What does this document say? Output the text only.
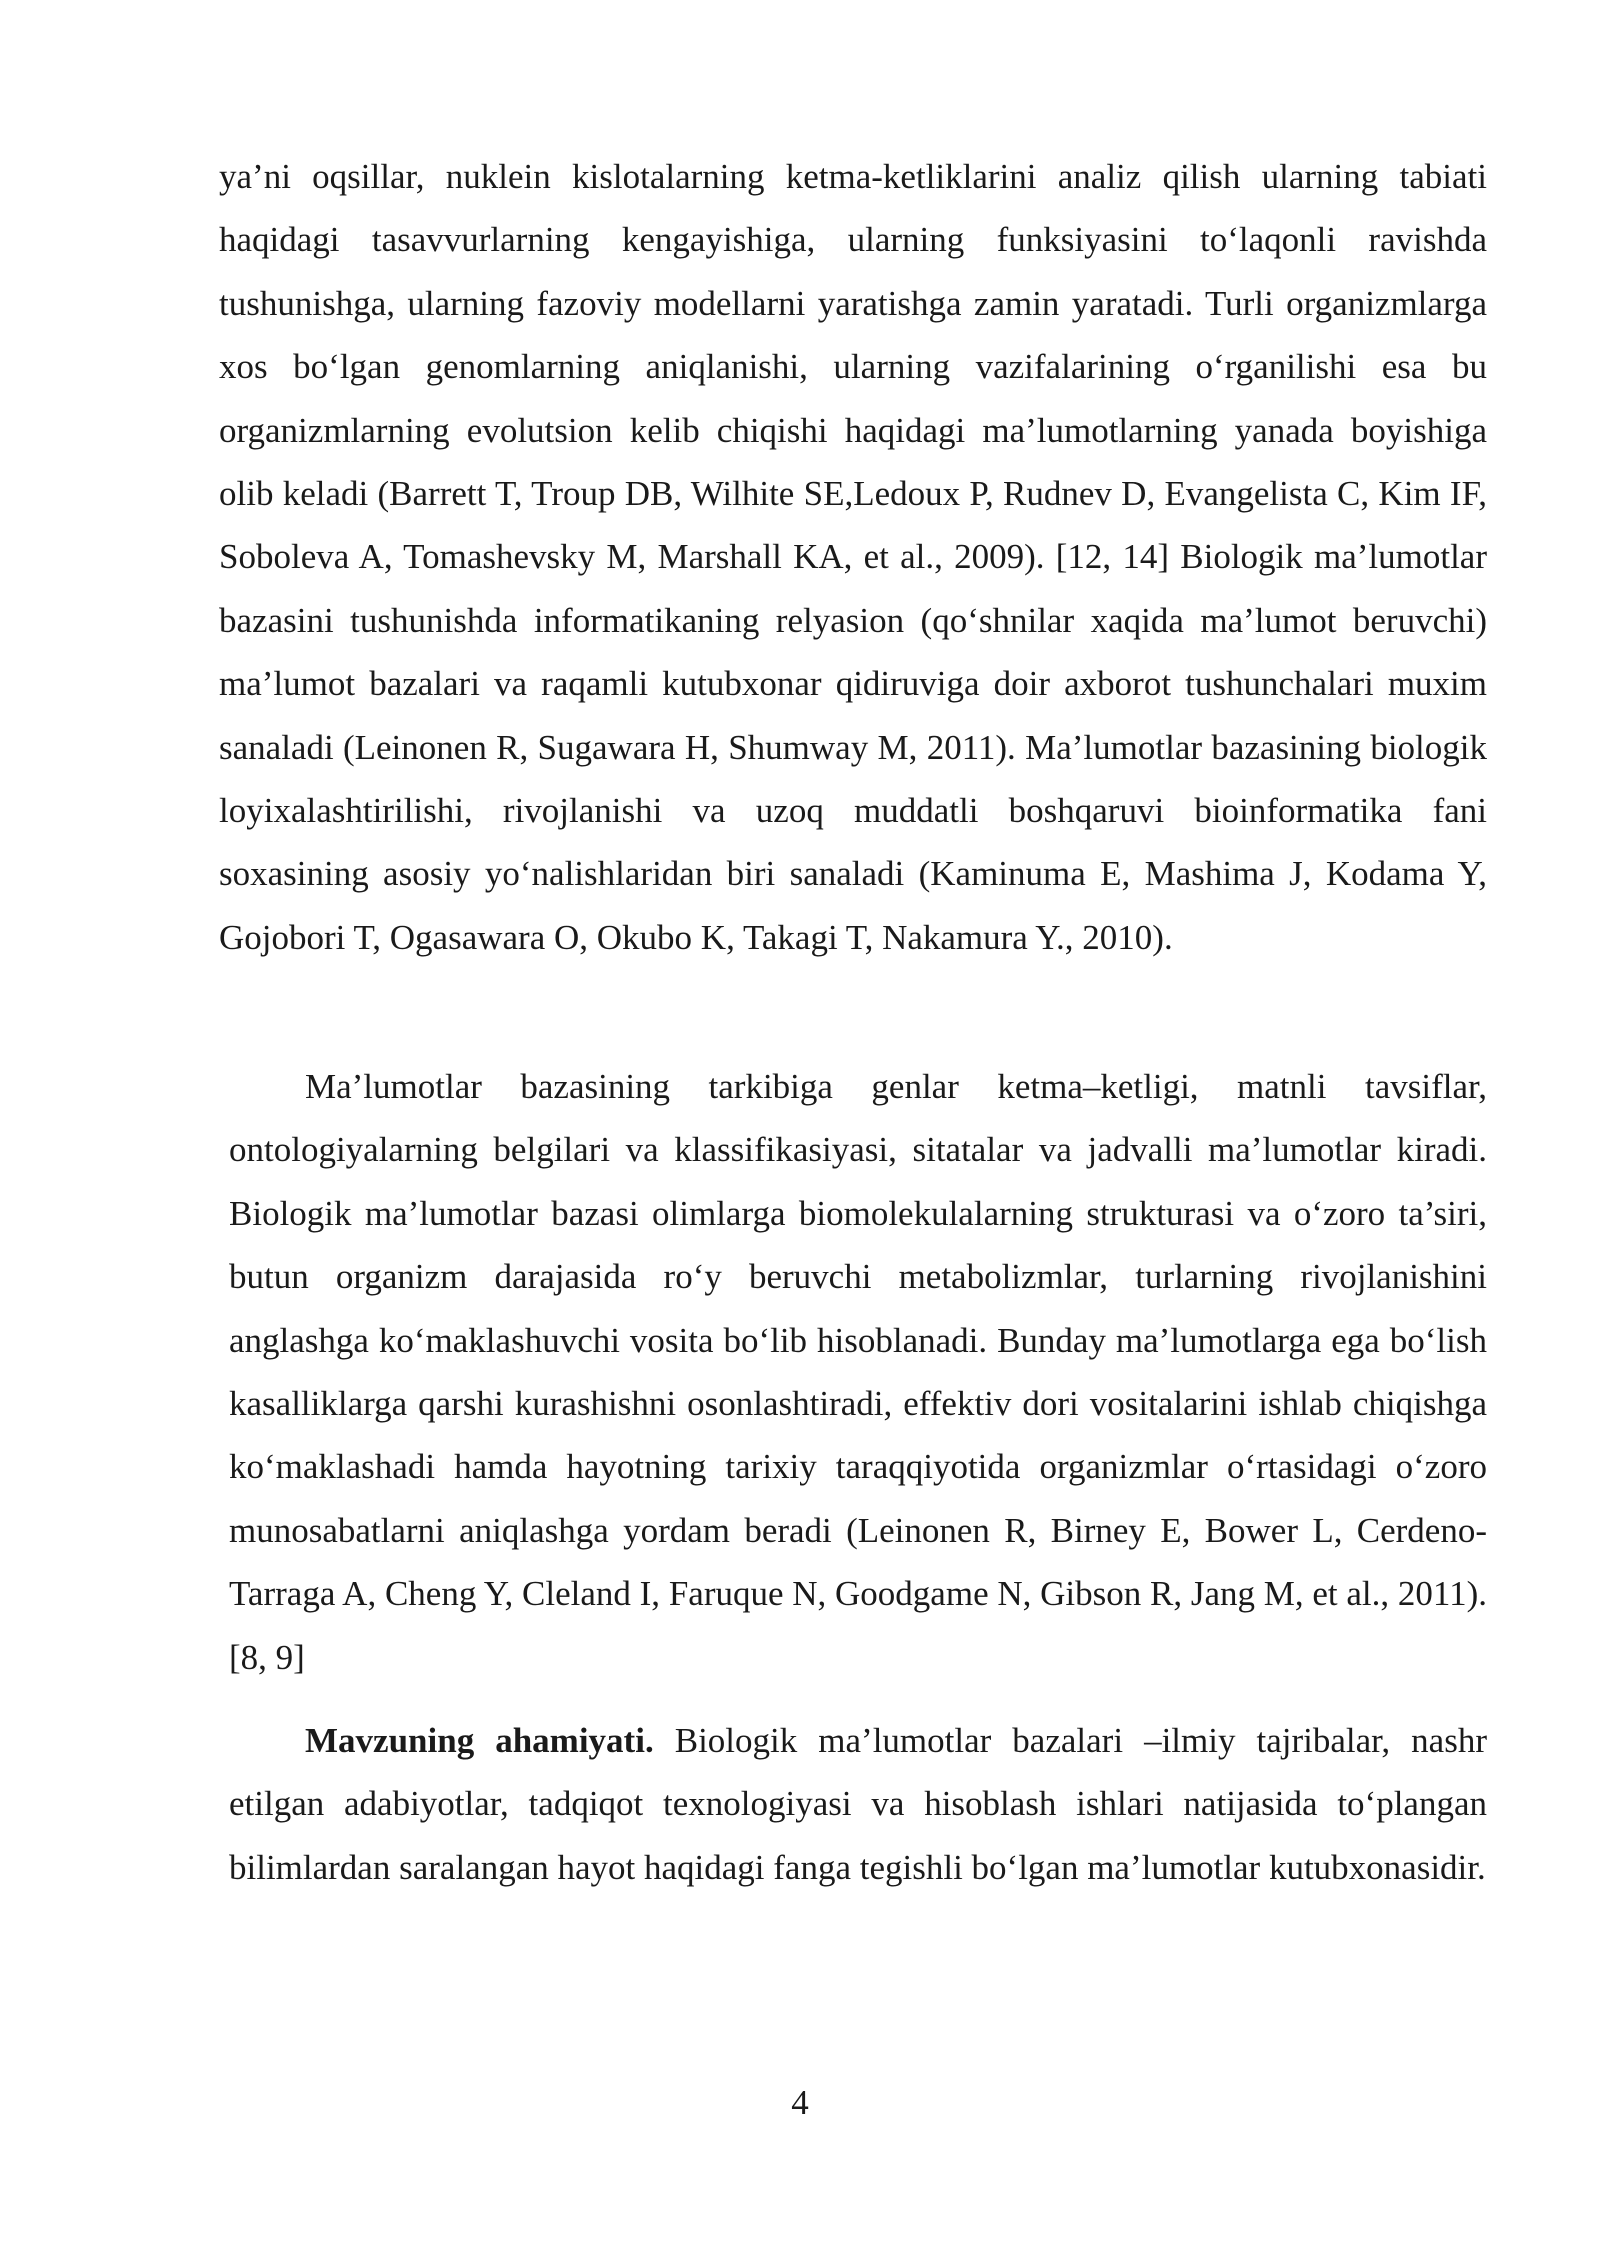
ya’ni oqsillar, nuklein kislotalarning ketma-ketliklarini analiz qilish ularning tabiati haqidagi tasavvurlarning kengayishiga, ularning funksiyasini to‘laqonli ravishda tushunishga, ularning fazoviy modellarni yaratishga zamin yaratadi. Turli organizmlarga xos bo‘lgan genomlarning aniqlanishi, ularning vazifalarining o‘rganilishi esa bu organizmlarning evolutsion kelib chiqishi haqidagi ma’lumotlarning yanada boyishiga olib keladi (Barrett T, Troup DB, Wilhite SE,Ledoux P, Rudnev D, Evangelista C, Kim IF, Soboleva A, Tomashevsky M, Marshall KA, et al., 2009). [12, 14] Biologik ma’lumotlar bazasini tushunishda informatikaning relyasion (qo‘shnilar xaqida ma’lumot beruvchi) ma’lumot bazalari va raqamli kutubxonar qidiruviga doir axborot tushunchalari muxim sanaladi (Leinonen R, Sugawara H, Shumway M, 2011). Ma’lumotlar bazasining biologik loyixalashtirilishi, rivojlanishi va uzoq muddatli boshqaruvi bioinformatika fani soxasining asosiy yo‘nalishlaridan biri sanaladi (Kaminuma E, Mashima J, Kodama Y, Gojobori T, Ogasawara O, Okubo K, Takagi T, Nakamura Y., 2010).

Ma’lumotlar bazasining tarkibiga genlar ketma–ketligi, matnli tavsiflar, ontologiyalarning belgilari va klassifikasiyasi, sitatalar va jadvalli ma’lumotlar kiradi. Biologik ma’lumotlar bazasi olimlarga biomolekulalarning strukturasi va o‘zoro ta’siri, butun organizm darajasida ro‘y beruvchi metabolizmlar, turlarning rivojlanishini anglashga ko‘maklashuvchi vosita bo‘lib hisoblanadi. Bunday ma’lumotlarga ega bo‘lish kasalliklarga qarshi kurashishni osonlashtiradi, effektiv dori vositalarini ishlab chiqishga ko‘maklashadi hamda hayotning tarixiy taraqqiyotida organizmlar o‘rtasidagi o‘zoro munosabatlarni aniqlashga yordam beradi (Leinonen R, Birney E, Bower L, Cerdeno-Tarraga A, Cheng Y, Cleland I, Faruque N, Goodgame N, Gibson R, Jang M, et al., 2011). [8, 9]

Mavzuning ahamiyati. Biologik ma’lumotlar bazalari –ilmiy tajribalar, nashr etilgan adabiyotlar, tadqiqot texnologiyasi va hisoblash ishlari natijasida to‘plangan bilimlardan saralangan hayot haqidagi fanga tegishli bo‘lgan ma’lumotlar kutubxonasidir.

4
